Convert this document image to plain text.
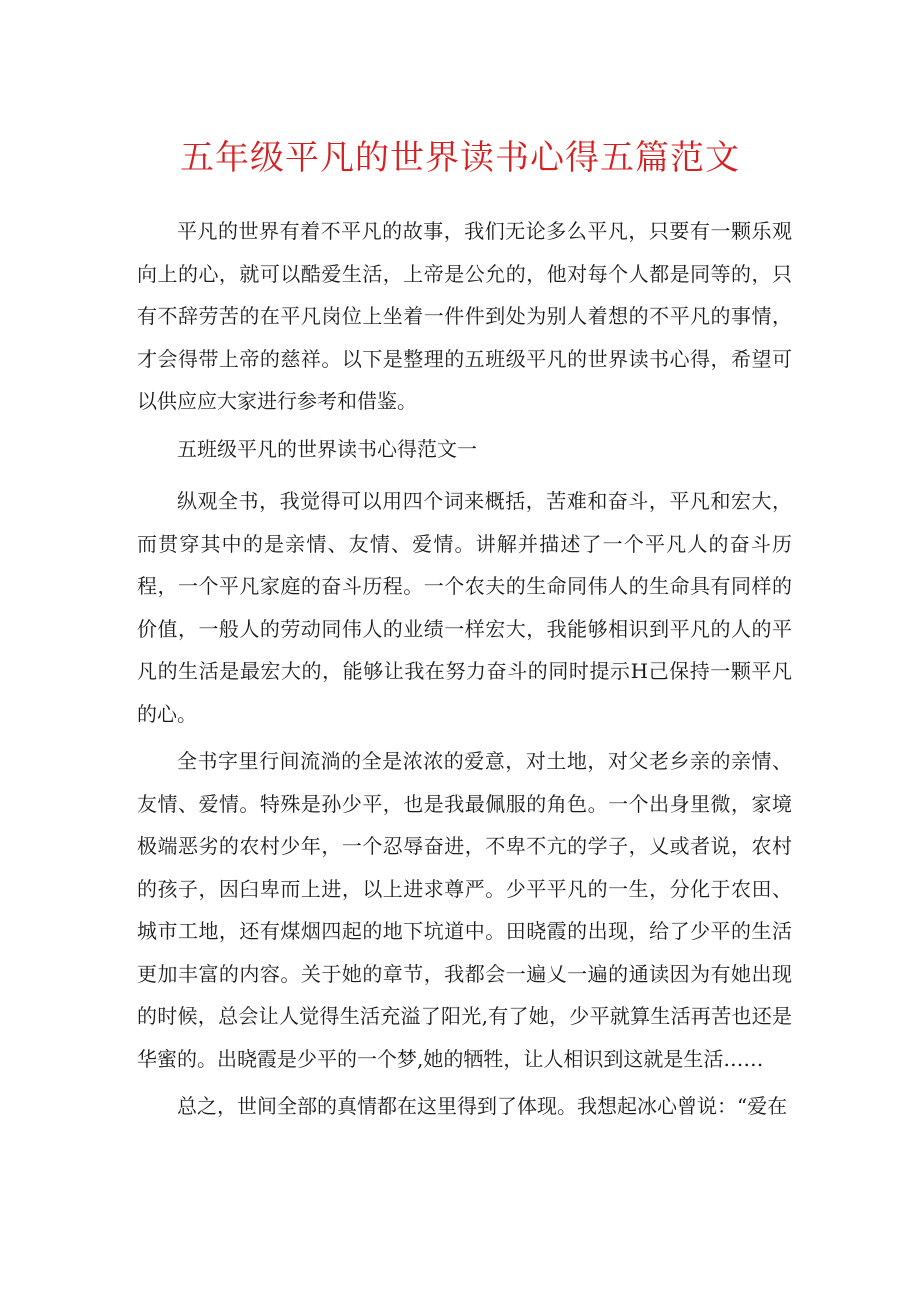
五年级平凡的世界读书心得五篇范文

平凡的世界有着不平凡的故事，我们无论多么平凡，只要有一颗乐观向上的心，就可以酷爱生活，上帝是公允的，他对每个人都是同等的，只有不辞劳苦的在平凡岗位上坐着一件件到处为别人着想的不平凡的事情，才会得带上帝的慈祥。以下是整理的五班级平凡的世界读书心得，希望可以供应应大家进行参考和借鉴。

五班级平凡的世界读书心得范文一

纵观全书，我觉得可以用四个词来概括，苦难和奋斗，平凡和宏大，而贯穿其中的是亲情、友情、爱情。讲解并描述了一个平凡人的奋斗历程，一个平凡家庭的奋斗历程。一个农夫的生命同伟人的生命具有同样的价值，一般人的劳动同伟人的业绩一样宏大，我能够相识到平凡的人的平凡的生活是最宏大的，能够让我在努力奋斗的同时提示H己保持一颗平凡的心。

全书字里行间流淌的全是浓浓的爱意，对土地，对父老乡亲的亲情、友情、爱情。特殊是孙少平，也是我最佩服的角色。一个出身里微，家境极端恶劣的农村少年，一个忍辱奋进，不卑不亢的学子，乂或者说，农村的孩子，因臼卑而上进，以上进求尊严。少平平凡的一生，分化于农田、城市工地，还有煤烟四起的地下坑道中。田晓霞的出现，给了少平的生活更加丰富的内容。关于她的章节，我都会一遍乂一遍的通读因为有她出现的时候，总会让人觉得生活充溢了阳光,有了她，少平就算生活再苦也还是华蜜的。出晓霞是少平的一个梦,她的牺牲，让人相识到这就是生活……

总之，世间全部的真情都在这里得到了体现。我想起冰心曾说：“爱在
